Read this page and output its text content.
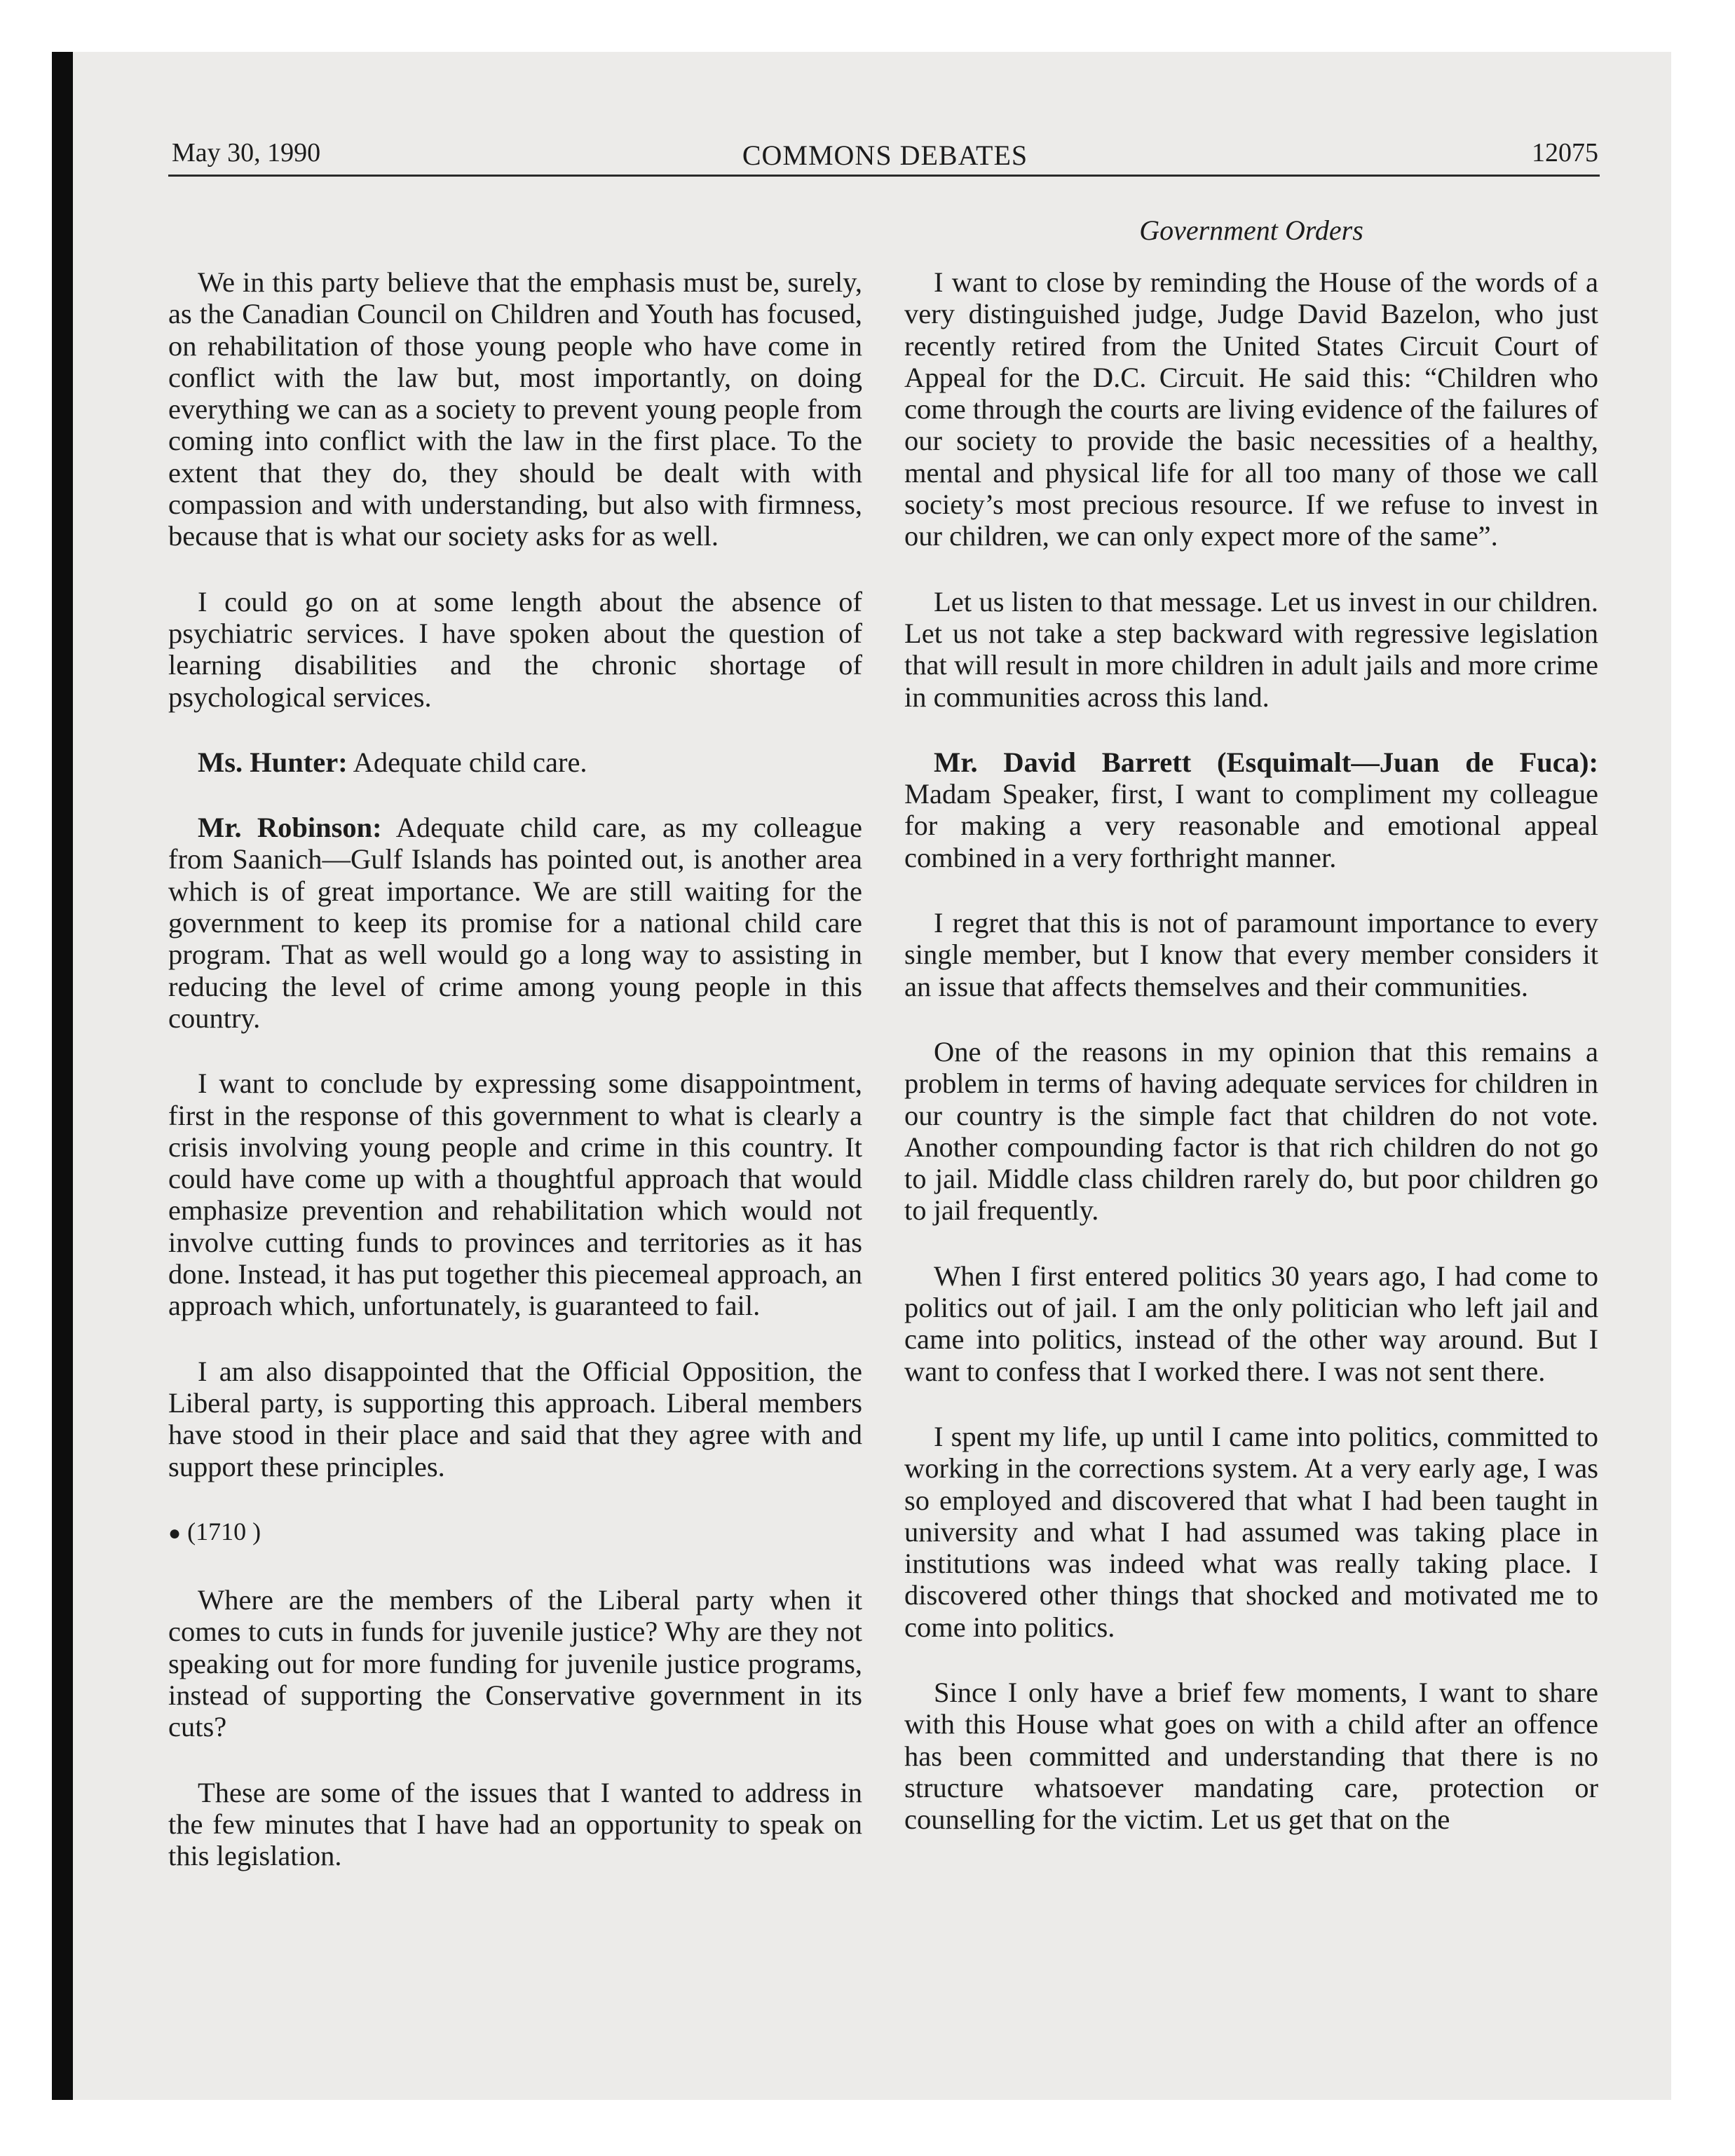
May 30, 1990	COMMONS DEBATES	12075
Government Orders

We in this party believe that the emphasis must be, surely, as the Canadian Council on Children and Youth has focused, on rehabilitation of those young people who have come in conflict with the law but, most importantly, on doing everything we can as a society to prevent young people from coming into conflict with the law in the first place. To the extent that they do, they should be dealt with with compassion and with understanding, but also with firmness, because that is what our society asks for as well.

I could go on at some length about the absence of psychiatric services. I have spoken about the question of learning disabilities and the chronic shortage of psychological services.

Ms. Hunter: Adequate child care.

Mr. Robinson: Adequate child care, as my colleague from Saanich—Gulf Islands has pointed out, is another area which is of great importance. We are still waiting for the government to keep its promise for a national child care program. That as well would go a long way to assisting in reducing the level of crime among young people in this country.

I want to conclude by expressing some disappointment, first in the response of this government to what is clearly a crisis involving young people and crime in this country. It could have come up with a thoughtful approach that would emphasize prevention and rehabilitation which would not involve cutting funds to provinces and territories as it has done. Instead, it has put together this piecemeal approach, an approach which, unfortunately, is guaranteed to fail.

I am also disappointed that the Official Opposition, the Liberal party, is supporting this approach. Liberal members have stood in their place and said that they agree with and support these principles.

● (1710 )

Where are the members of the Liberal party when it comes to cuts in funds for juvenile justice? Why are they not speaking out for more funding for juvenile justice programs, instead of supporting the Conservative government in its cuts?

These are some of the issues that I wanted to address in the few minutes that I have had an opportunity to speak on this legislation.

I want to close by reminding the House of the words of a very distinguished judge, Judge David Bazelon, who just recently retired from the United States Circuit Court of Appeal for the D.C. Circuit. He said this: “Children who come through the courts are living evidence of the failures of our society to provide the basic necessities of a healthy, mental and physical life for all too many of those we call society’s most precious resource. If we refuse to invest in our children, we can only expect more of the same”.

Let us listen to that message. Let us invest in our children. Let us not take a step backward with regressive legislation that will result in more children in adult jails and more crime in communities across this land.

Mr. David Barrett (Esquimalt—Juan de Fuca): Madam Speaker, first, I want to compliment my colleague for making a very reasonable and emotional appeal combined in a very forthright manner.

I regret that this is not of paramount importance to every single member, but I know that every member considers it an issue that affects themselves and their communities.

One of the reasons in my opinion that this remains a problem in terms of having adequate services for children in our country is the simple fact that children do not vote. Another compounding factor is that rich children do not go to jail. Middle class children rarely do, but poor children go to jail frequently.

When I first entered politics 30 years ago, I had come to politics out of jail. I am the only politician who left jail and came into politics, instead of the other way around. But I want to confess that I worked there. I was not sent there.

I spent my life, up until I came into politics, committed to working in the corrections system. At a very early age, I was so employed and discovered that what I had been taught in university and what I had assumed was taking place in institutions was indeed what was really taking place. I discovered other things that shocked and motivated me to come into politics.

Since I only have a brief few moments, I want to share with this House what goes on with a child after an offence has been committed and understanding that there is no structure whatsoever mandating care, protection or counselling for the victim. Let us get that on the
